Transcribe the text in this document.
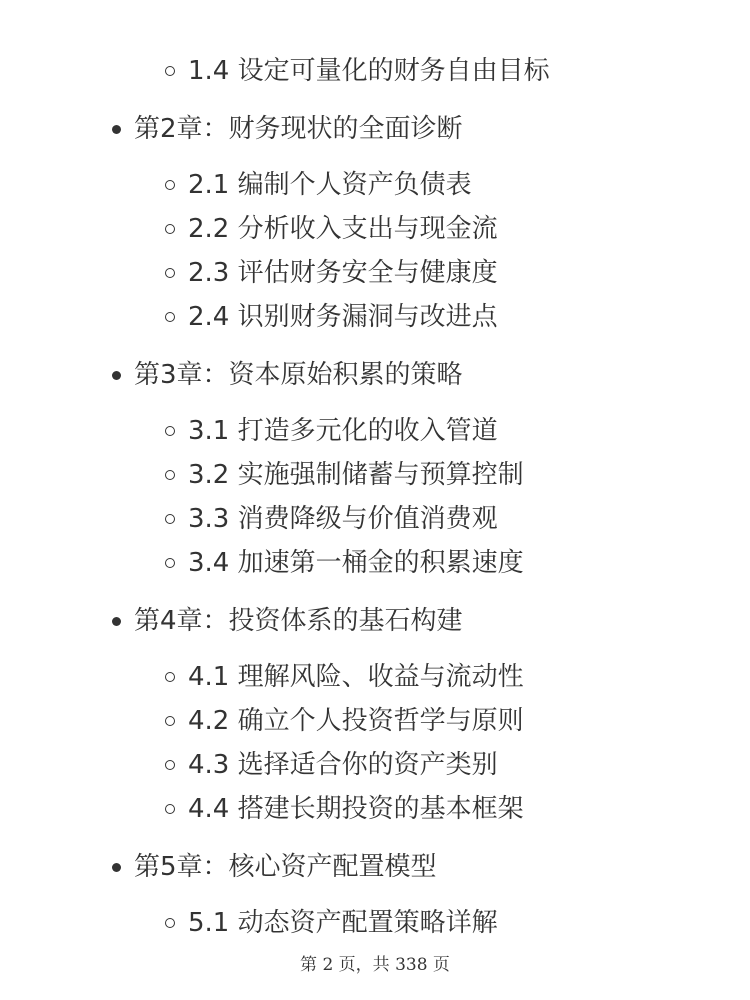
1.4 设定可量化的财务自由目标
第2章：财务现状的全面诊断
2.1 编制个人资产负债表
2.2 分析收入支出与现金流
2.3 评估财务安全与健康度
2.4 识别财务漏洞与改进点
第3章：资本原始积累的策略
3.1 打造多元化的收入管道
3.2 实施强制储蓄与预算控制
3.3 消费降级与价值消费观
3.4 加速第一桶金的积累速度
第4章：投资体系的基石构建
4.1 理解风险、收益与流动性
4.2 确立个人投资哲学与原则
4.3 选择适合你的资产类别
4.4 搭建长期投资的基本框架
第5章：核心资产配置模型
5.1 动态资产配置策略详解
第 2 页，共 338 页
